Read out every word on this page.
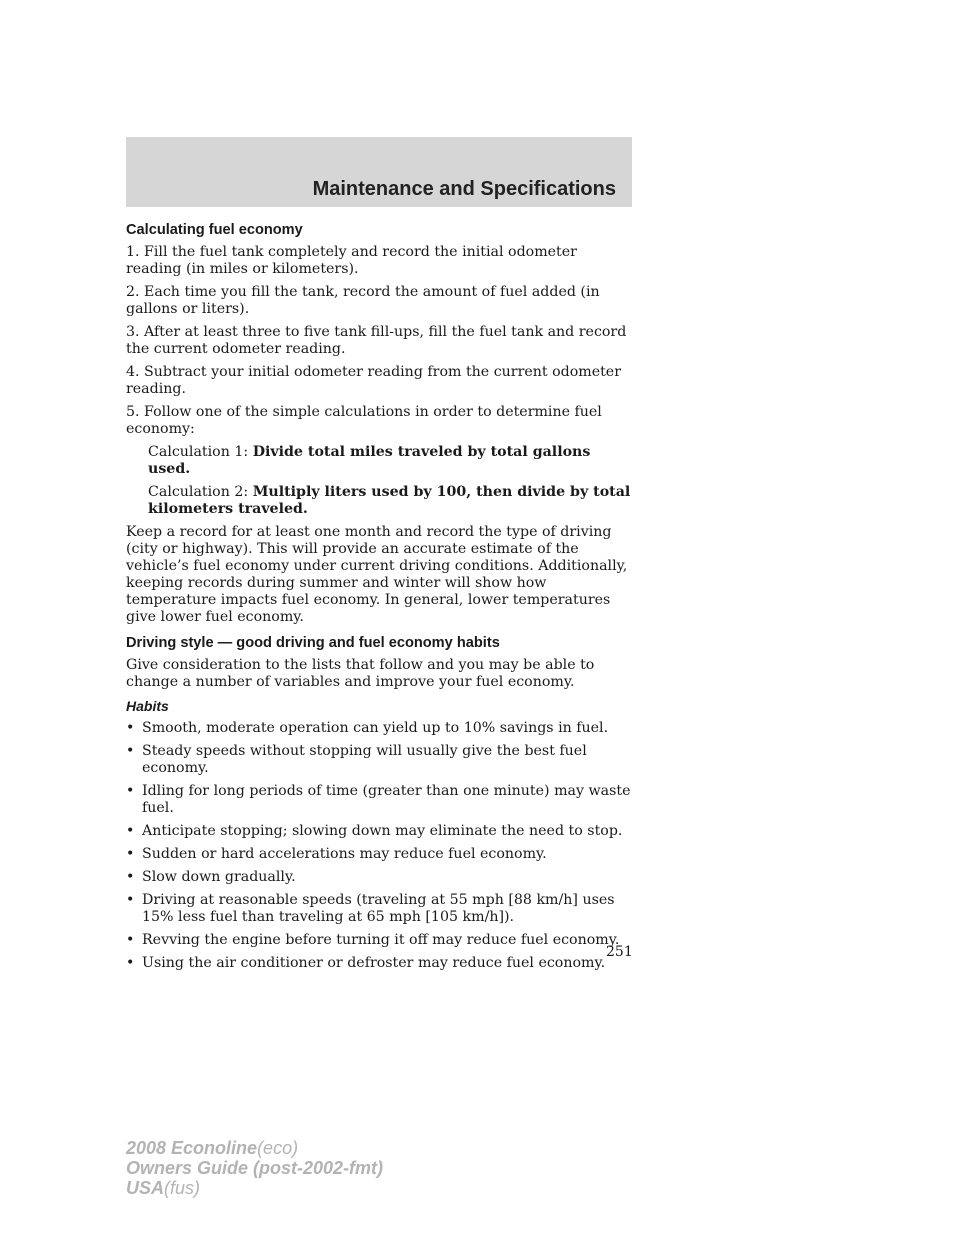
Maintenance and Specifications
Calculating fuel economy

1. Fill the fuel tank completely and record the initial odometer reading (in miles or kilometers).

2. Each time you fill the tank, record the amount of fuel added (in gallons or liters).

3. After at least three to five tank fill-ups, fill the fuel tank and record the current odometer reading.

4. Subtract your initial odometer reading from the current odometer reading.

5. Follow one of the simple calculations in order to determine fuel economy:

Calculation 1: Divide total miles traveled by total gallons used.

Calculation 2: Multiply liters used by 100, then divide by total kilometers traveled.

Keep a record for at least one month and record the type of driving (city or highway). This will provide an accurate estimate of the vehicle’s fuel economy under current driving conditions. Additionally, keeping records during summer and winter will show how temperature impacts fuel economy. In general, lower temperatures give lower fuel economy.

Driving style — good driving and fuel economy habits

Give consideration to the lists that follow and you may be able to change a number of variables and improve your fuel economy.

Habits
• Smooth, moderate operation can yield up to 10% savings in fuel.
• Steady speeds without stopping will usually give the best fuel economy.
• Idling for long periods of time (greater than one minute) may waste fuel.
• Anticipate stopping; slowing down may eliminate the need to stop.
• Sudden or hard accelerations may reduce fuel economy.
• Slow down gradually.
• Driving at reasonable speeds (traveling at 55 mph [88 km/h] uses 15% less fuel than traveling at 65 mph [105 km/h]).
• Revving the engine before turning it off may reduce fuel economy.
• Using the air conditioner or defroster may reduce fuel economy.
251
2008 Econoline(eco)
Owners Guide (post-2002-fmt)
USA(fus)
